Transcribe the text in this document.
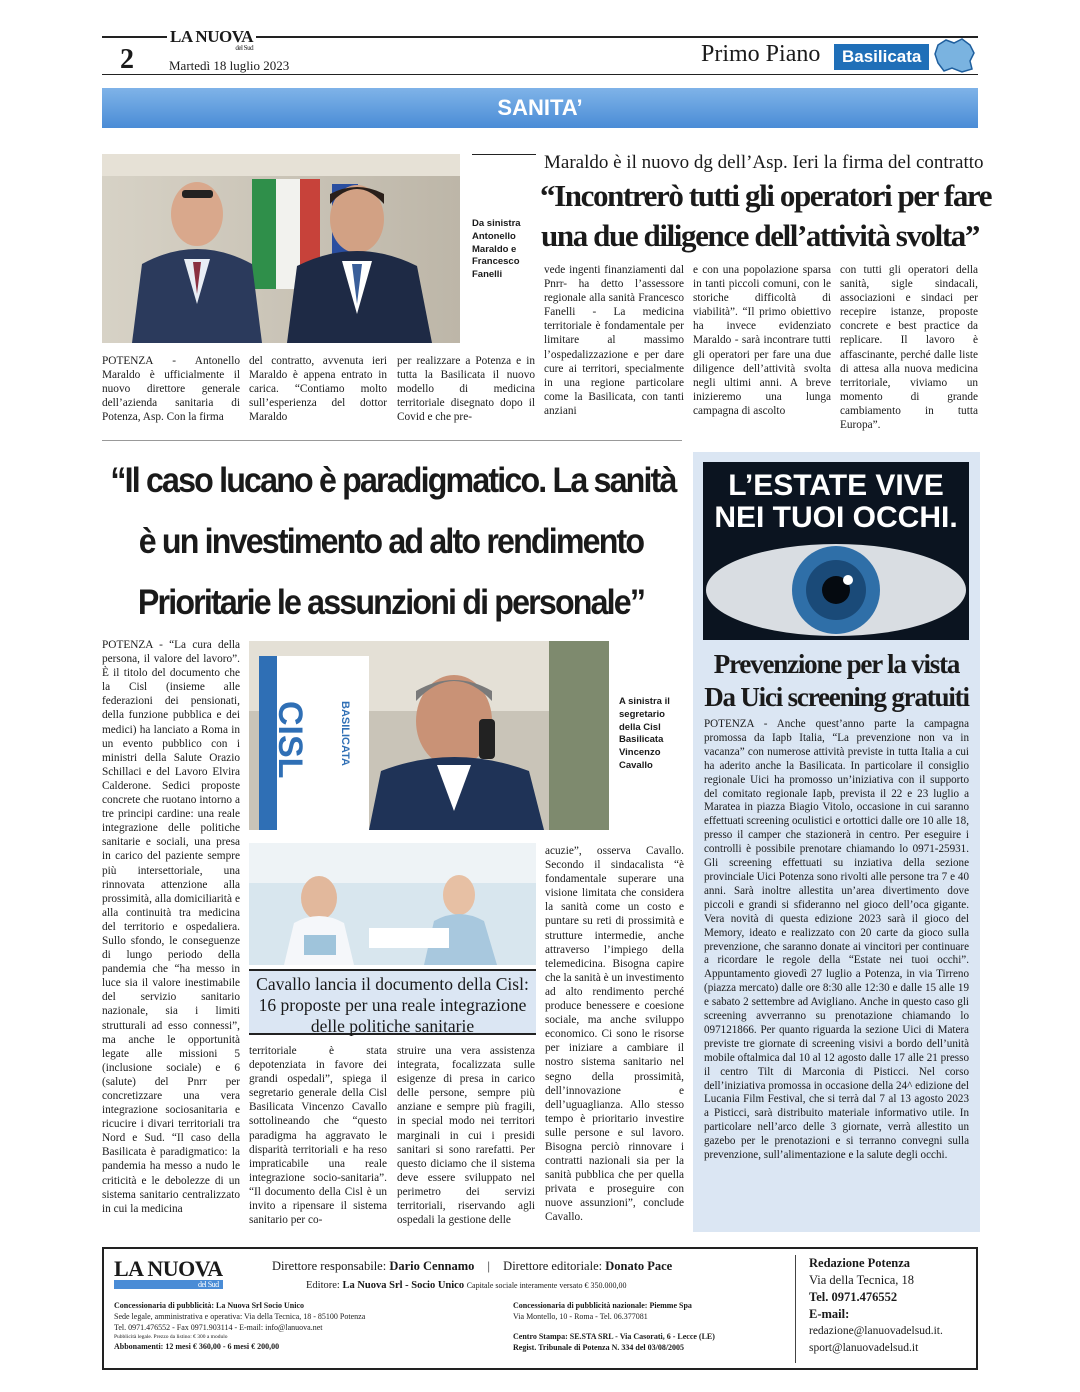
2
LA NUOVA
del Sud
Martedì 18 luglio 2023	Primo Piano	Basilicata
SANITA’
Da sinistra Antonello Maraldo e Francesco Fanelli
Maraldo è il nuovo dg dell’Asp. Ieri la firma del contratto
“Incontrerò tutti gli operatori per fare
una due diligence dell’attività svolta”
POTENZA - Antonello Maraldo è ufficialmente il nuovo direttore generale dell’azienda sanitaria di Potenza, Asp. Con la firma
del contratto, avvenuta ieri Maraldo è appena entrato in carica. “Contiamo molto sull’esperienza del dottor Maraldo
per realizzare a Potenza e in tutta la Basilicata il nuovo modello di medicina territoriale disegnato dopo il Covid e che pre-
vede ingenti finanziamenti dal Pnrr- ha detto l’assessore regionale alla sanità Francesco Fanelli - La medicina territoriale è fondamentale per limitare al massimo l’ospedalizzazione e per dare cure ai territori, specialmente in una regione particolare come la Basilicata, con tanti anziani
e con una popolazione sparsa in tanti piccoli comuni, con le storiche difficoltà di viabilità”. “Il primo obiettivo ha invece evidenziato Maraldo - sarà incontrare tutti gli operatori per fare una due diligence dell’attività svolta negli ultimi anni. A breve inizieremo una lunga campagna di ascolto
con tutti gli operatori della sanità, sigle sindacali, associazioni e sindaci per recepire istanze, proposte concrete e best practice da replicare. Il lavoro è affascinante, perché dalle liste di attesa alla nuova medicina territoriale, viviamo un momento di grande cambiamento in tutta Europa”.
“Il caso lucano è paradigmatico. La sanità
è un investimento ad alto rendimento
Prioritarie le assunzioni di personale”
CISL	BASILICATA	A sinistra il segretario della Cisl Basilicata Vincenzo Cavallo
Cavallo lancia il documento della Cisl: 16 proposte per una reale integrazione delle politiche sanitarie
POTENZA - “La cura della persona, il valore del lavoro”. È il titolo del documento che la Cisl (insieme alle federazioni dei pensionati, della funzione pubblica e dei medici) ha lanciato a Roma in un evento pubblico con i ministri della Salute Orazio Schillaci e del Lavoro Elvira Calderone. Sedici proposte concrete che ruotano intorno a tre principi cardine: una reale integrazione delle politiche sanitarie e sociali, una presa in carico del paziente sempre più intersettoriale, una rinnovata attenzione alla prossimità, alla domiciliarità e alla continuità tra medicina del territorio e ospedaliera. Sullo sfondo, le conseguenze di lungo periodo della pandemia che “ha messo in luce sia il valore inestimabile del servizio sanitario nazionale, sia i limiti strutturali ad esso connessi”, ma anche le opportunità legate alle missioni 5 (inclusione sociale) e 6 (salute) del Pnrr per concretizzare una vera integrazione sociosanitaria e ricucire i divari territoriali tra Nord e Sud. “Il caso della Basilicata è paradigmatico: la pandemia ha messo a nudo le criticità e le debolezze di un sistema sanitario centralizzato in cui la medicina
territoriale è stata depotenziata in favore dei grandi ospedali”, spiega il segretario generale della Cisl Basilicata Vincenzo Cavallo sottolineando che “questo paradigma ha aggravato le disparità territoriali e ha reso impraticabile una reale integrazione socio-sanitaria”. “Il documento della Cisl è un invito a ripensare il sistema sanitario per co-
struire una vera assistenza integrata, focalizzata sulle esigenze di presa in carico delle persone, sempre più anziane e sempre più fragili, in special modo nei territori marginali in cui i presidi sanitari si sono rarefatti. Per questo diciamo che il sistema deve essere sviluppato nel perimetro dei servizi territoriali, riservando agli ospedali la gestione delle
acuzie”, osserva Cavallo. Secondo il sindacalista “è fondamentale superare una visione limitata che considera la sanità come un costo e puntare su reti di prossimità e strutture intermedie, anche attraverso l’impiego della telemedicina. Bisogna capire che la sanità è un investimento ad alto rendimento perché produce benessere e coesione sociale, ma anche sviluppo economico. Ci sono le risorse per iniziare a cambiare il nostro sistema sanitario nel segno della prossimità, dell’innovazione e dell’uguaglianza. Allo stesso tempo è prioritario investire sulle persone e sul lavoro. Bisogna perciò rinnovare i contratti nazionali sia per la sanità pubblica che per quella privata e proseguire con nuove assunzioni”, conclude Cavallo.
L’ESTATE VIVE
NEI TUOI OCCHI.
Prevenzione per la vista
Da Uici screening gratuiti
POTENZA - Anche quest’anno parte la campagna promossa da Iapb Italia, “La prevenzione non va in vacanza” con numerose attività previste in tutta Italia a cui ha aderito anche la Basilicata. In particolare il consiglio regionale Uici ha promosso un’iniziativa con il supporto del comitato regionale Iapb, prevista il 22 e 23 luglio a Maratea in piazza Biagio Vitolo, occasione in cui saranno effettuati screening oculistici e ortottici dalle ore 10 alle 18, presso il camper che stazionerà in centro. Per eseguire i controlli è possibile prenotare chiamando lo 0971-25931. Gli screening effettuati su inziativa della sezione provinciale Uici Potenza sono rivolti alle persone tra 7 e 40 anni. Sarà inoltre allestita un’area divertimento dove piccoli e grandi si sfideranno nel gioco dell’oca gigante. Vera novità di questa edizione 2023 sarà il gioco del Memory, ideato e realizzato con 20 carte da gioco sulla prevenzione, che saranno donate ai vincitori per continuare a ricordare le regole della “Estate nei tuoi occhi”. Appuntamento giovedì 27 luglio a Potenza, in via Tirreno (piazza mercato) dalle ore 8:30 alle 12:30 e dalle 15 alle 19 e sabato 2 settembre ad Avigliano. Anche in questo caso gli screening avverranno su prenotazione chiamando lo 097121866. Per quanto riguarda la sezione Uici di Matera previste tre giornate di screening visivi a bordo dell’unità mobile oftalmica dal 10 al 12 agosto dalle 17 alle 21 presso il centro Tilt di Marconia di Pisticci. Nel corso dell’iniziativa promossa in occasione della 24^ edizione del Lucania Film Festival, che si terrà dal 7 al 13 agosto 2023 a Pisticci, sarà distribuito materiale informativo utile. In particolare nell’arco delle 3 giornate, verrà allestito un gazebo per le prenotazioni e si terranno convegni sulla prevenzione, sull’alimentazione e la salute degli occhi.
LA NUOVA
del Sud
Direttore responsabile: Dario Cennamo | Direttore editoriale: Donato Pace
Editore: La Nuova Srl - Socio Unico Capitale sociale interamente versato € 350.000,00
Concessionaria di pubblicità: La Nuova Srl Socio Unico
Sede legale, amministrativa e operativa: Via della Tecnica, 18 - 85100 Potenza
Tel. 0971.476552 - Fax 0971.903114 - E-mail: info@lanuova.net
Pubblicità legale. Prezzo da listino: € 300 a modulo
Abbonamenti: 12 mesi € 360,00 - 6 mesi € 200,00
Concessionaria di pubblicità nazionale: Piemme Spa
Via Montello, 10 - Roma - Tel. 06.377081
Centro Stampa: SE.STA SRL - Via Casorati, 6 - Lecce (LE)
Regist. Tribunale di Potenza N. 334 del 03/08/2005
Redazione Potenza
Via della Tecnica, 18
Tel. 0971.476552
E-mail:
redazione@lanuovadelsud.it.
sport@lanuovadelsud.it
